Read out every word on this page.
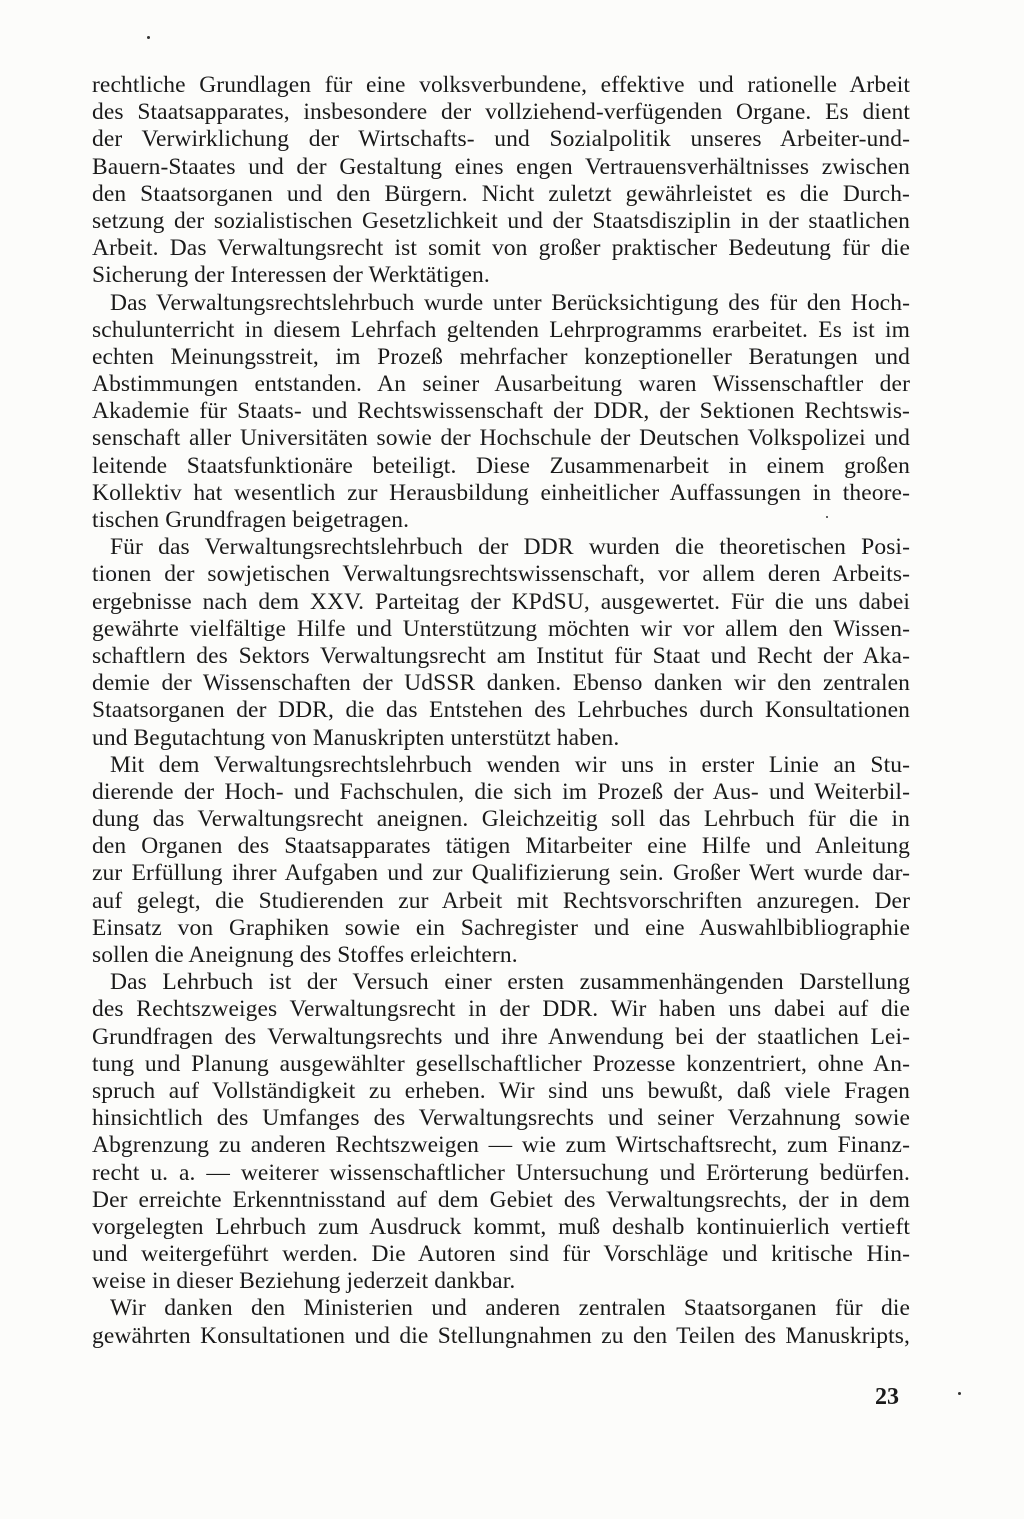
rechtliche Grundlagen für eine volksverbundene, effektive und rationelle Arbeit
des Staatsapparates, insbesondere der vollziehend-verfügenden Organe. Es dient
der Verwirklichung der Wirtschafts- und Sozialpolitik unseres Arbeiter-und-
Bauern-Staates und der Gestaltung eines engen Vertrauensverhältnisses zwischen
den Staatsorganen und den Bürgern. Nicht zuletzt gewährleistet es die Durch-
setzung der sozialistischen Gesetzlichkeit und der Staatsdisziplin in der staatlichen
Arbeit. Das Verwaltungsrecht ist somit von großer praktischer Bedeutung für die
Sicherung der Interessen der Werktätigen.
Das Verwaltungsrechtslehrbuch wurde unter Berücksichtigung des für den Hoch-
schulunterricht in diesem Lehrfach geltenden Lehrprogramms erarbeitet. Es ist im
echten Meinungsstreit, im Prozeß mehrfacher konzeptioneller Beratungen und
Abstimmungen entstanden. An seiner Ausarbeitung waren Wissenschaftler der
Akademie für Staats- und Rechtswissenschaft der DDR, der Sektionen Rechtswis-
senschaft aller Universitäten sowie der Hochschule der Deutschen Volkspolizei und
leitende Staatsfunktionäre beteiligt. Diese Zusammenarbeit in einem großen
Kollektiv hat wesentlich zur Herausbildung einheitlicher Auffassungen in theore-
tischen Grundfragen beigetragen.
Für das Verwaltungsrechtslehrbuch der DDR wurden die theoretischen Posi-
tionen der sowjetischen Verwaltungsrechtswissenschaft, vor allem deren Arbeits-
ergebnisse nach dem XXV. Parteitag der KPdSU, ausgewertet. Für die uns dabei
gewährte vielfältige Hilfe und Unterstützung möchten wir vor allem den Wissen-
schaftlern des Sektors Verwaltungsrecht am Institut für Staat und Recht der Aka-
demie der Wissenschaften der UdSSR danken. Ebenso danken wir den zentralen
Staatsorganen der DDR, die das Entstehen des Lehrbuches durch Konsultationen
und Begutachtung von Manuskripten unterstützt haben.
Mit dem Verwaltungsrechtslehrbuch wenden wir uns in erster Linie an Stu-
dierende der Hoch- und Fachschulen, die sich im Prozeß der Aus- und Weiterbil-
dung das Verwaltungsrecht aneignen. Gleichzeitig soll das Lehrbuch für die in
den Organen des Staatsapparates tätigen Mitarbeiter eine Hilfe und Anleitung
zur Erfüllung ihrer Aufgaben und zur Qualifizierung sein. Großer Wert wurde dar-
auf gelegt, die Studierenden zur Arbeit mit Rechtsvorschriften anzuregen. Der
Einsatz von Graphiken sowie ein Sachregister und eine Auswahlbibliographie
sollen die Aneignung des Stoffes erleichtern.
Das Lehrbuch ist der Versuch einer ersten zusammenhängenden Darstellung
des Rechtszweiges Verwaltungsrecht in der DDR. Wir haben uns dabei auf die
Grundfragen des Verwaltungsrechts und ihre Anwendung bei der staatlichen Lei-
tung und Planung ausgewählter gesellschaftlicher Prozesse konzentriert, ohne An-
spruch auf Vollständigkeit zu erheben. Wir sind uns bewußt, daß viele Fragen
hinsichtlich des Umfanges des Verwaltungsrechts und seiner Verzahnung sowie
Abgrenzung zu anderen Rechtszweigen — wie zum Wirtschaftsrecht, zum Finanz-
recht u. a. — weiterer wissenschaftlicher Untersuchung und Erörterung bedürfen.
Der erreichte Erkenntnisstand auf dem Gebiet des Verwaltungsrechts, der in dem
vorgelegten Lehrbuch zum Ausdruck kommt, muß deshalb kontinuierlich vertieft
und weitergeführt werden. Die Autoren sind für Vorschläge und kritische Hin-
weise in dieser Beziehung jederzeit dankbar.
Wir danken den Ministerien und anderen zentralen Staatsorganen für die
gewährten Konsultationen und die Stellungnahmen zu den Teilen des Manuskripts,
23
